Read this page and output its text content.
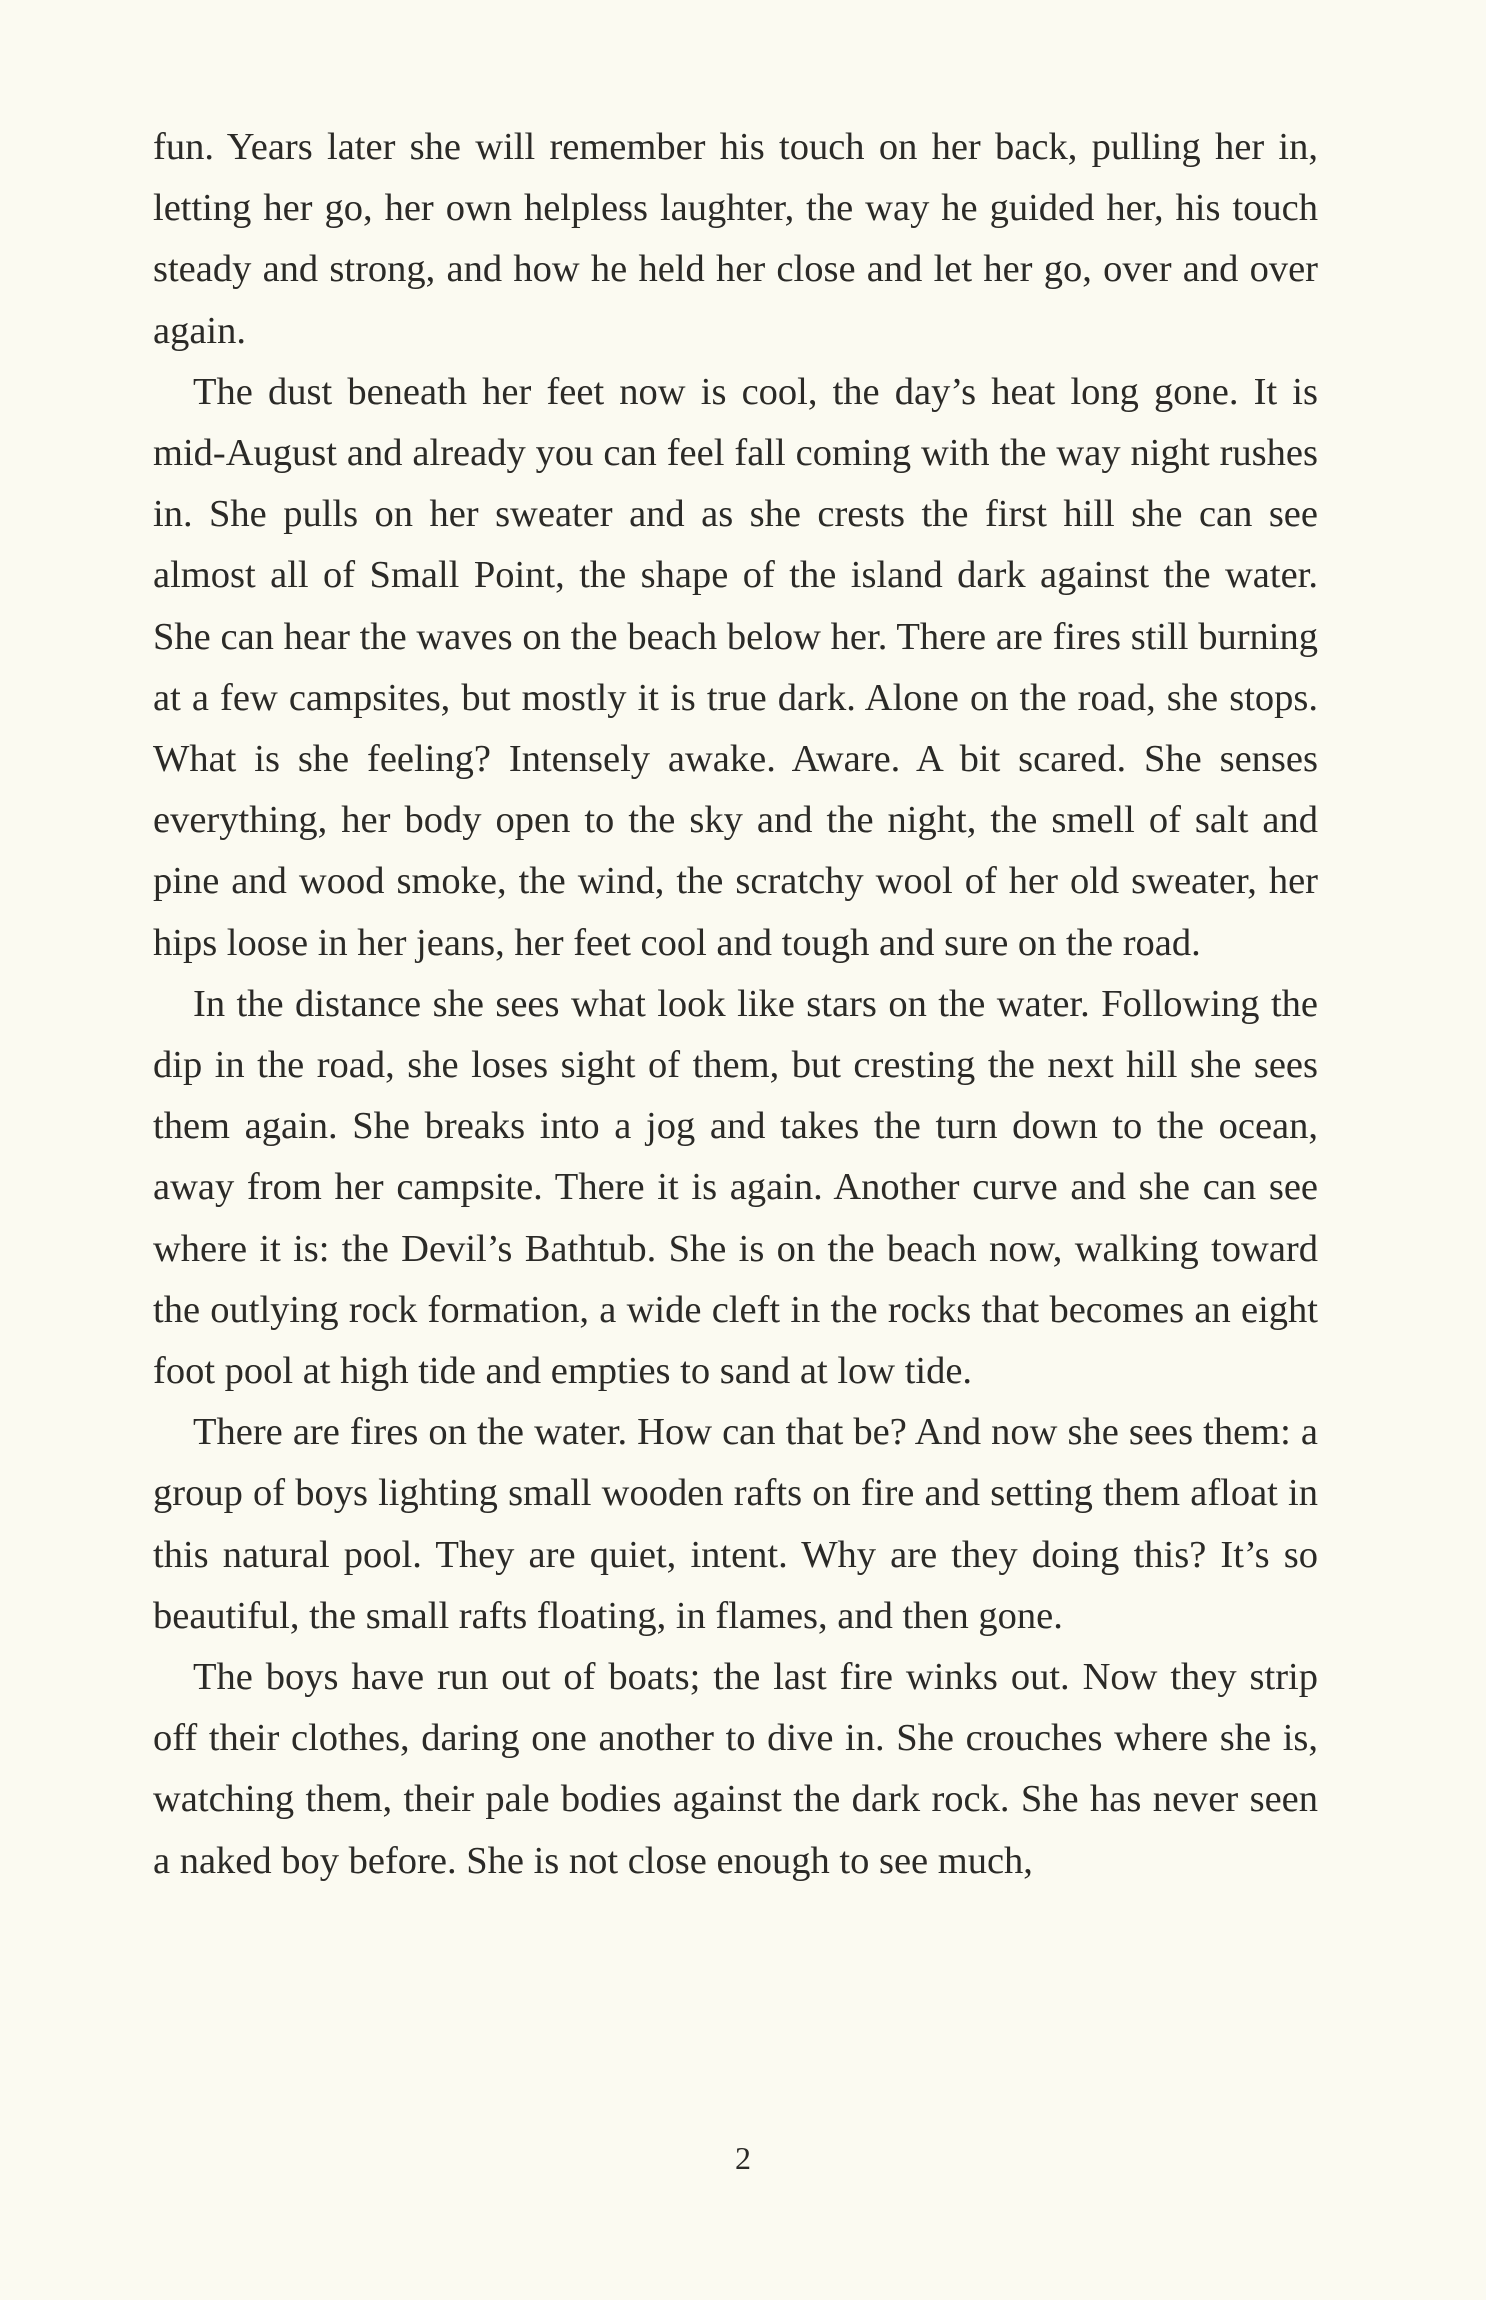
fun. Years later she will remember his touch on her back, pulling her in, letting her go, her own helpless laughter, the way he guided her, his touch steady and strong, and how he held her close and let her go, over and over again.

The dust beneath her feet now is cool, the day’s heat long gone. It is mid-August and already you can feel fall coming with the way night rushes in. She pulls on her sweater and as she crests the first hill she can see almost all of Small Point, the shape of the island dark against the water. She can hear the waves on the beach below her. There are fires still burning at a few campsites, but mostly it is true dark. Alone on the road, she stops. What is she feeling? Intensely awake. Aware. A bit scared. She senses everything, her body open to the sky and the night, the smell of salt and pine and wood smoke, the wind, the scratchy wool of her old sweater, her hips loose in her jeans, her feet cool and tough and sure on the road.

In the distance she sees what look like stars on the water. Following the dip in the road, she loses sight of them, but cresting the next hill she sees them again. She breaks into a jog and takes the turn down to the ocean, away from her campsite. There it is again. Another curve and she can see where it is: the Devil’s Bathtub. She is on the beach now, walking toward the outlying rock formation, a wide cleft in the rocks that becomes an eight foot pool at high tide and empties to sand at low tide.

There are fires on the water. How can that be? And now she sees them: a group of boys lighting small wooden rafts on fire and setting them afloat in this natural pool. They are quiet, intent. Why are they doing this? It’s so beautiful, the small rafts floating, in flames, and then gone.

The boys have run out of boats; the last fire winks out. Now they strip off their clothes, daring one another to dive in. She crouches where she is, watching them, their pale bodies against the dark rock. She has never seen a naked boy before. She is not close enough to see much,

2
